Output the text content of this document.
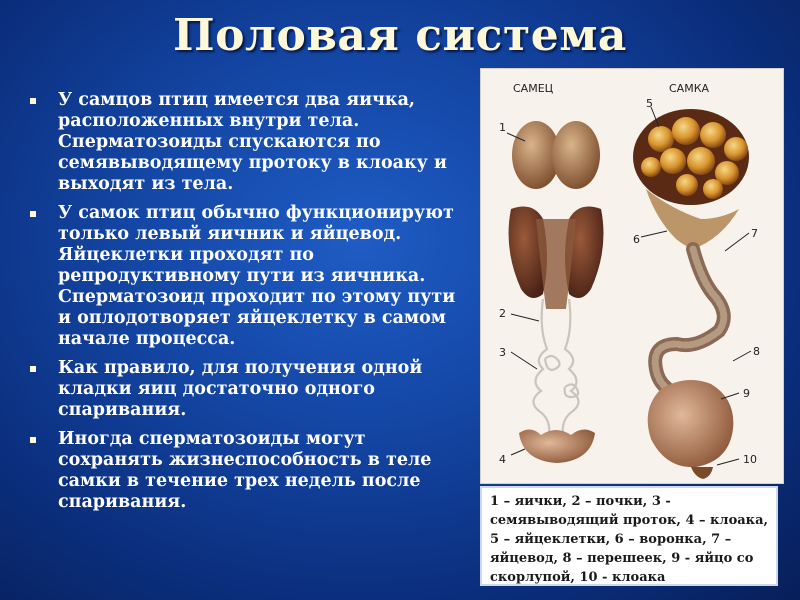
Половая система
У самцов птиц имеется два яичка, расположенных внутри тела. Сперматозоиды спускаются по семявыводящему протоку в клоаку и выходят из тела.
У самок птиц обычно функционируют только левый яичник и яйцевод. Яйцеклетки проходят по репродуктивному пути из яичника. Сперматозоид проходит по этому пути и оплодотворяет яйцеклетку в самом начале процесса.
Как правило, для получения одной кладки яиц достаточно одного спаривания.
Иногда сперматозоиды могут сохранять жизнеспособность в теле самки в течение трех недель после спаривания.
САМЕЦ	САМКА
1
2
3
4
5
6	7
8
9
10
1 – яички, 2 – почки, 3 - семявыводящий проток, 4 – клоака, 5 – яйцеклетки, 6 – воронка, 7 – яйцевод, 8 – перешеек, 9 - яйцо со скорлупой, 10 - клоака
